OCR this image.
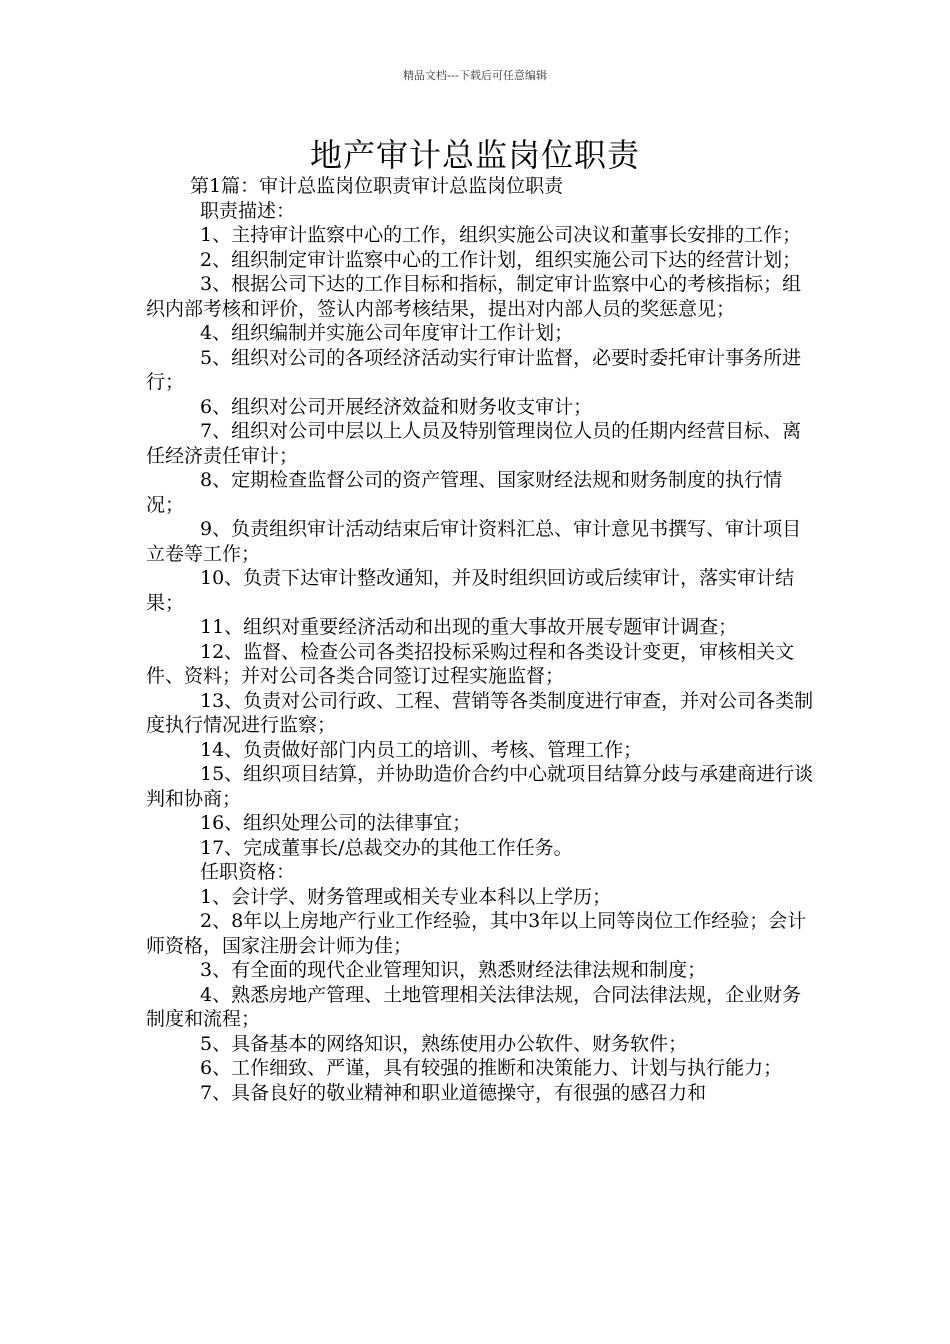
精品文档---下载后可任意编辑
地产审计总监岗位职责

第1篇：审计总监岗位职责审计总监岗位职责

职责描述：

1、主持审计监察中心的工作，组织实施公司决议和董事长安排的工作；

2、组织制定审计监察中心的工作计划，组织实施公司下达的经营计划；

3、根据公司下达的工作目标和指标，制定审计监察中心的考核指标；组织内部考核和评价，签认内部考核结果，提出对内部人员的奖惩意见；

4、组织编制并实施公司年度审计工作计划；

5、组织对公司的各项经济活动实行审计监督，必要时委托审计事务所进行；

6、组织对公司开展经济效益和财务收支审计；

7、组织对公司中层以上人员及特别管理岗位人员的任期内经营目标、离任经济责任审计；

8、定期检查监督公司的资产管理、国家财经法规和财务制度的执行情况；

9、负责组织审计活动结束后审计资料汇总、审计意见书撰写、审计项目立卷等工作；

10、负责下达审计整改通知，并及时组织回访或后续审计，落实审计结果；

11、组织对重要经济活动和出现的重大事故开展专题审计调查；

12、监督、检查公司各类招投标采购过程和各类设计变更，审核相关文件、资料；并对公司各类合同签订过程实施监督；

13、负责对公司行政、工程、营销等各类制度进行审查，并对公司各类制度执行情况进行监察；

14、负责做好部门内员工的培训、考核、管理工作；

15、组织项目结算，并协助造价合约中心就项目结算分歧与承建商进行谈判和协商；

16、组织处理公司的法律事宜；

17、完成董事长/总裁交办的其他工作任务。

任职资格：

1、会计学、财务管理或相关专业本科以上学历；

2、8年以上房地产行业工作经验，其中3年以上同等岗位工作经验；会计师资格，国家注册会计师为佳；

3、有全面的现代企业管理知识，熟悉财经法律法规和制度；

4、熟悉房地产管理、土地管理相关法律法规，合同法律法规，企业财务制度和流程；

5、具备基本的网络知识，熟练使用办公软件、财务软件；

6、工作细致、严谨，具有较强的推断和决策能力、计划与执行能力；

7、具备良好的敬业精神和职业道德操守，有很强的感召力和
